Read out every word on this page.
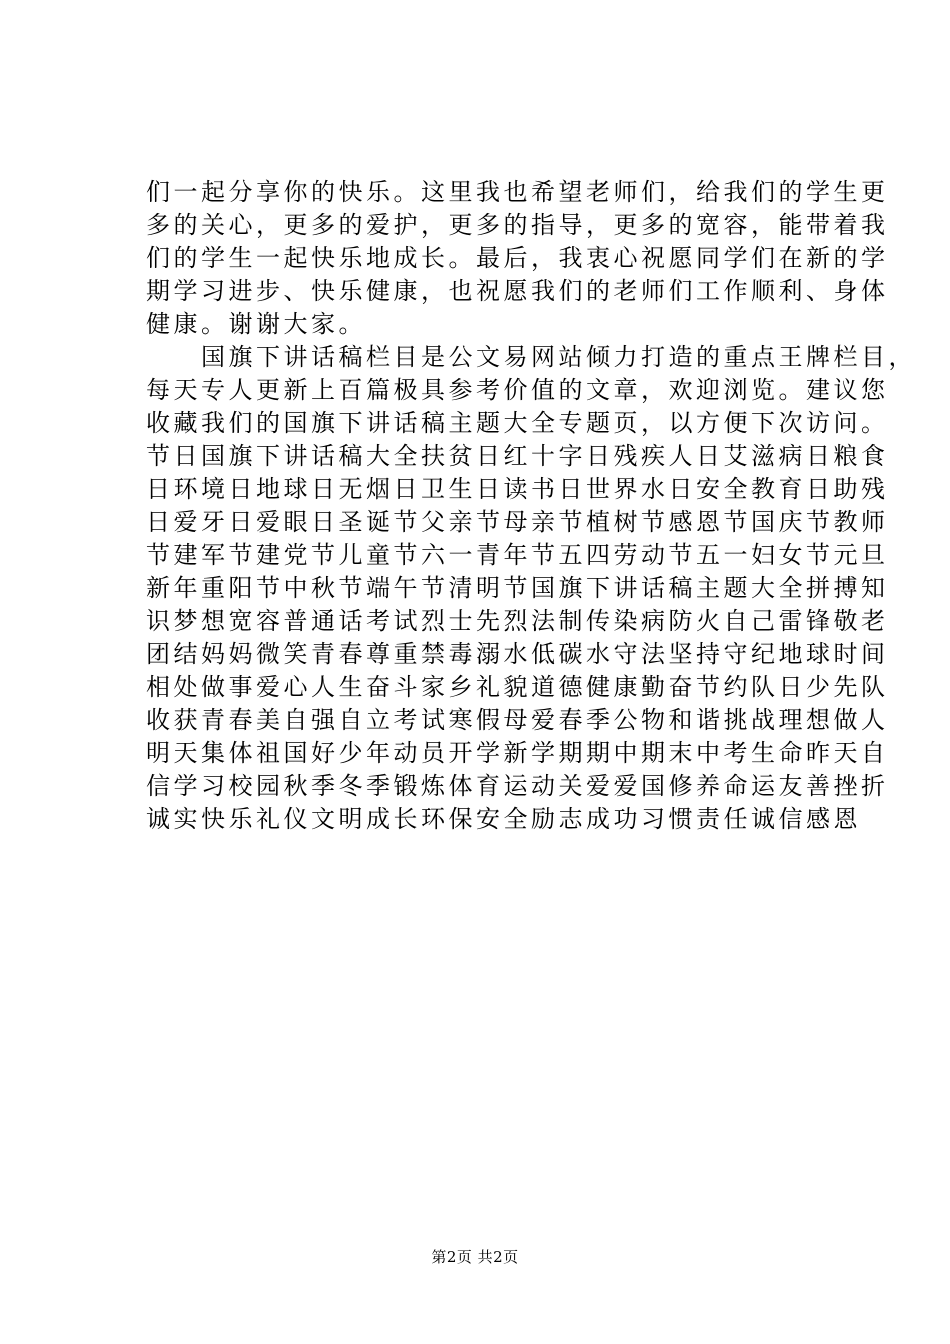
们一起分享你的快乐。这里我也希望老师们，给我们的学生更
多的关心，更多的爱护，更多的指导，更多的宽容，能带着我
们的学生一起快乐地成长。最后，我衷心祝愿同学们在新的学
期学习进步、快乐健康，也祝愿我们的老师们工作顺利、身体
健康。谢谢大家。
　　国旗下讲话稿栏目是公文易网站倾力打造的重点王牌栏目，
每天专人更新上百篇极具参考价值的文章，欢迎浏览。建议您
收藏我们的国旗下讲话稿主题大全专题页，以方便下次访问。
节日国旗下讲话稿大全扶贫日红十字日残疾人日艾滋病日粮食
日环境日地球日无烟日卫生日读书日世界水日安全教育日助残
日爱牙日爱眼日圣诞节父亲节母亲节植树节感恩节国庆节教师
节建军节建党节儿童节六一青年节五四劳动节五一妇女节元旦
新年重阳节中秋节端午节清明节国旗下讲话稿主题大全拼搏知
识梦想宽容普通话考试烈士先烈法制传染病防火自己雷锋敬老
团结妈妈微笑青春尊重禁毒溺水低碳水守法坚持守纪地球时间
相处做事爱心人生奋斗家乡礼貌道德健康勤奋节约队日少先队
收获青春美自强自立考试寒假母爱春季公物和谐挑战理想做人
明天集体祖国好少年动员开学新学期期中期末中考生命昨天自
信学习校园秋季冬季锻炼体育运动关爱爱国修养命运友善挫折
诚实快乐礼仪文明成长环保安全励志成功习惯责任诚信感恩
第2页 共2页
